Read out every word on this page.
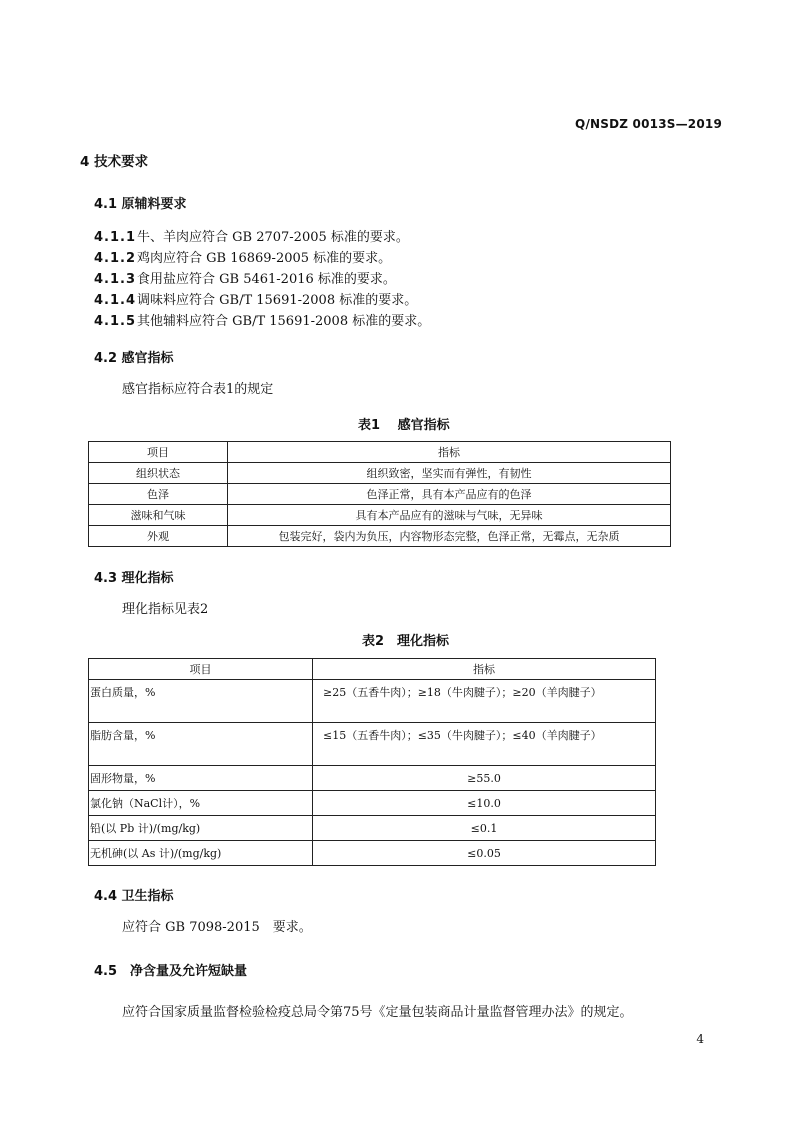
Q/NSDZ 0013S—2019
4 技术要求
4.1 原辅料要求
4.1.1牛、羊肉应符合 GB 2707-2005 标准的要求。
4.1.2鸡肉应符合 GB 16869-2005 标准的要求。
4.1.3食用盐应符合 GB 5461-2016 标准的要求。
4.1.4调味料应符合 GB/T 15691-2008 标准的要求。
4.1.5其他辅料应符合 GB/T 15691-2008 标准的要求。
4.2 感官指标
感官指标应符合表1的规定
表1　 感官指标
项目	指标
组织状态	组织致密，坚实而有弹性，有韧性
色泽	色泽正常，具有本产品应有的色泽
滋味和气味	具有本产品应有的滋味与气味，无异味
外观	包装完好，袋内为负压，内容物形态完整，色泽正常，无霉点，无杂质
4.3 理化指标
理化指标见表2
表2　理化指标
项目	指标
蛋白质量，%	≥25（五香牛肉）；≥18（牛肉腱子）；≥20（羊肉腱子）
脂肪含量，%	≤15（五香牛肉）；≤35（牛肉腱子）；≤40（羊肉腱子）
固形物量，%	≥55.0
氯化钠（NaCl计），%	≤10.0
铅(以 Pb 计)/(mg/kg)	≤0.1
无机砷(以 As 计)/(mg/kg)	≤0.05
4.4 卫生指标
应符合 GB 7098-2015　要求。
4.5　净含量及允许短缺量
应符合国家质量监督检验检疫总局令第75号《定量包装商品计量监督管理办法》的规定。
4
